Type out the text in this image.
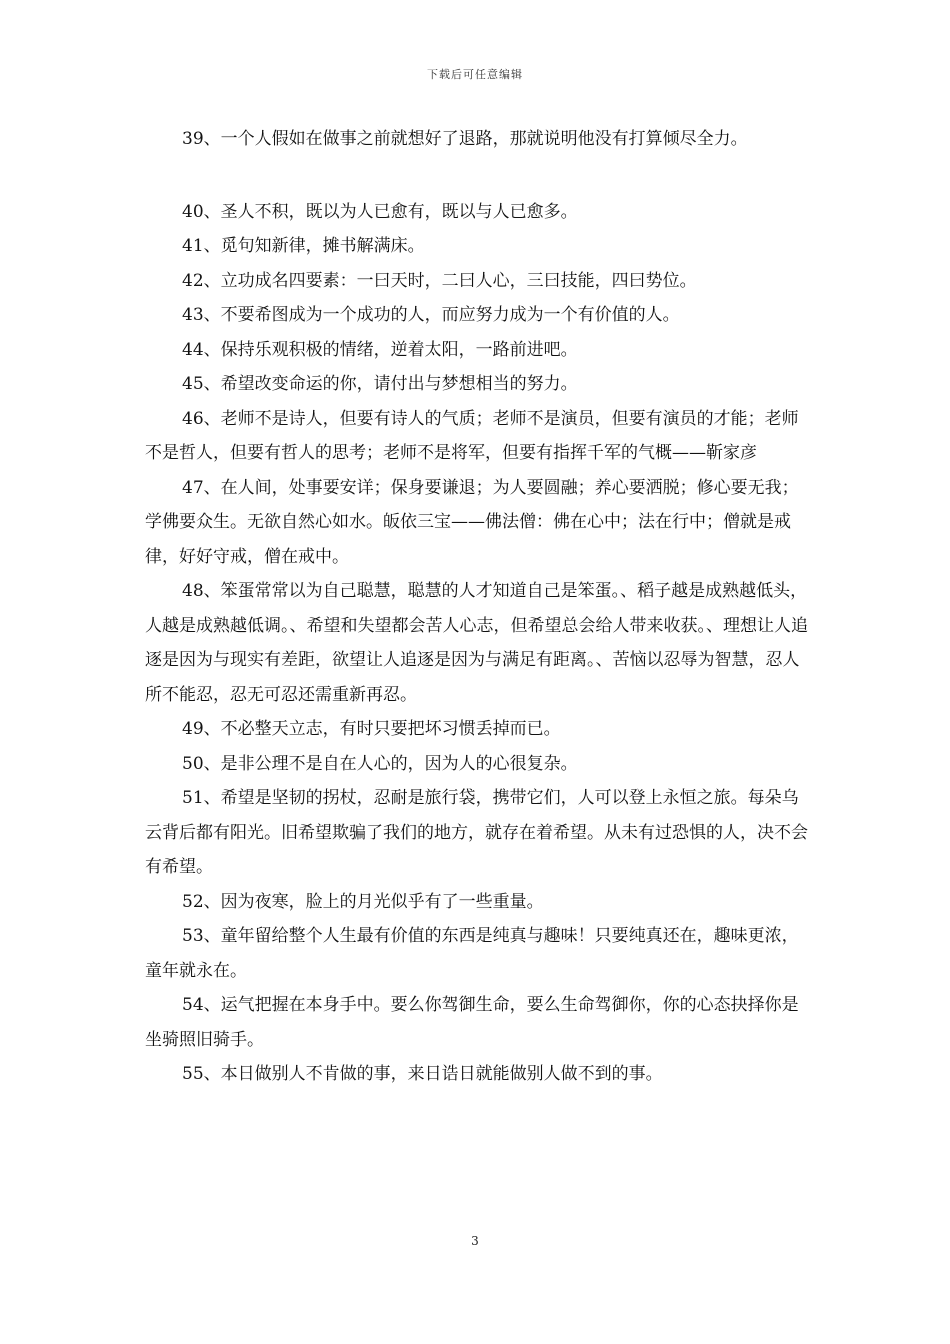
下载后可任意编辑

39、一个人假如在做事之前就想好了退路，那就说明他没有打算倾尽全力。

40、圣人不积，既以为人已愈有，既以与人已愈多。

41、觅句知新律，摊书解满床。

42、立功成名四要素：一曰天时，二曰人心，三曰技能，四曰势位。

43、不要希图成为一个成功的人，而应努力成为一个有价值的人。

44、保持乐观积极的情绪，逆着太阳，一路前进吧。

45、希望改变命运的你，请付出与梦想相当的努力。

46、老师不是诗人，但要有诗人的气质；老师不是演员，但要有演员的才能；老师不是哲人，但要有哲人的思考；老师不是将军，但要有指挥千军的气概——靳家彦

47、在人间，处事要安详；保身要谦退；为人要圆融；养心要洒脱；修心要无我；学佛要众生。无欲自然心如水。皈依三宝——佛法僧：佛在心中；法在行中；僧就是戒律，好好守戒，僧在戒中。

48、笨蛋常常以为自己聪慧，聪慧的人才知道自己是笨蛋。、稻子越是成熟越低头，人越是成熟越低调。、希望和失望都会苦人心志，但希望总会给人带来收获。、理想让人追逐是因为与现实有差距，欲望让人追逐是因为与满足有距离。、苦恼以忍辱为智慧，忍人所不能忍，忍无可忍还需重新再忍。

49、不必整天立志，有时只要把坏习惯丢掉而已。

50、是非公理不是自在人心的，因为人的心很复杂。

51、希望是坚韧的拐杖，忍耐是旅行袋，携带它们，人可以登上永恒之旅。每朵乌云背后都有阳光。旧希望欺骗了我们的地方，就存在着希望。从未有过恐惧的人，决不会有希望。

52、因为夜寒，脸上的月光似乎有了一些重量。

53、童年留给整个人生最有价值的东西是纯真与趣味！只要纯真还在，趣味更浓，童年就永在。

54、运气把握在本身手中。要么你驾御生命，要么生命驾御你，你的心态抉择你是坐骑照旧骑手。

55、本日做别人不肯做的事，来日诰日就能做别人做不到的事。

3
